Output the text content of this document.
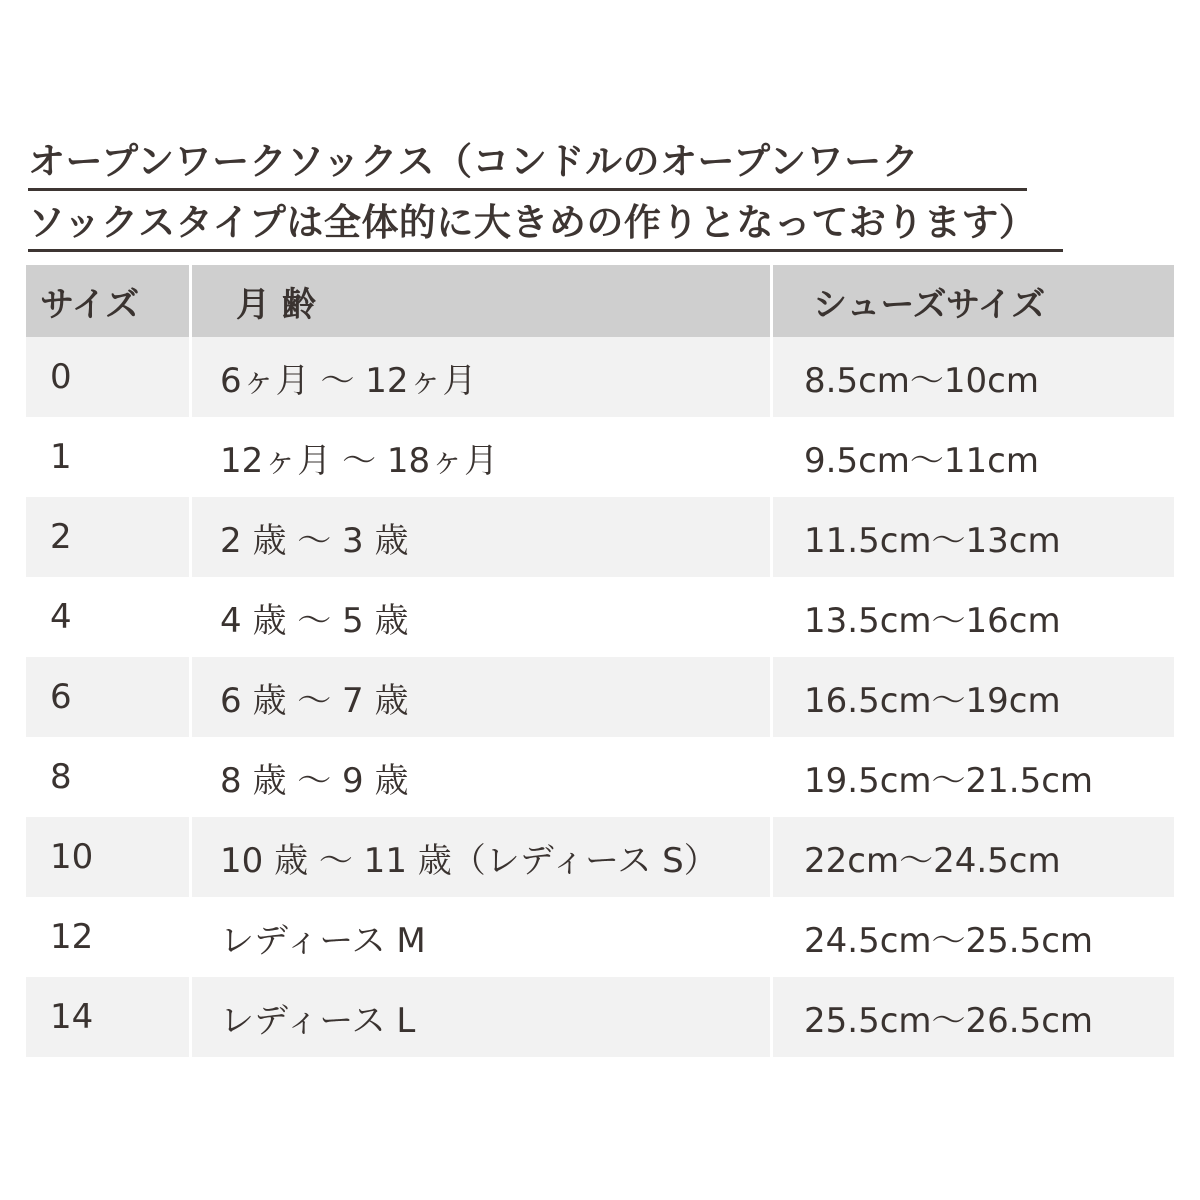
オープンワークソックス（コンドルのオープンワーク ソックスタイプは全体的に大きめの作りとなっております）
サイズ	月 齢	シューズサイズ
0	6ヶ月 〜 12ヶ月	8.5cm〜10cm
1	12ヶ月 〜 18ヶ月	9.5cm〜11cm
2	2 歳 〜 3 歳	11.5cm〜13cm
4	4 歳 〜 5 歳	13.5cm〜16cm
6	6 歳 〜 7 歳	16.5cm〜19cm
8	8 歳 〜 9 歳	19.5cm〜21.5cm
10	10 歳 〜 11 歳（レディース S）	22cm〜24.5cm
12	レディース M	24.5cm〜25.5cm
14	レディース L	25.5cm〜26.5cm
